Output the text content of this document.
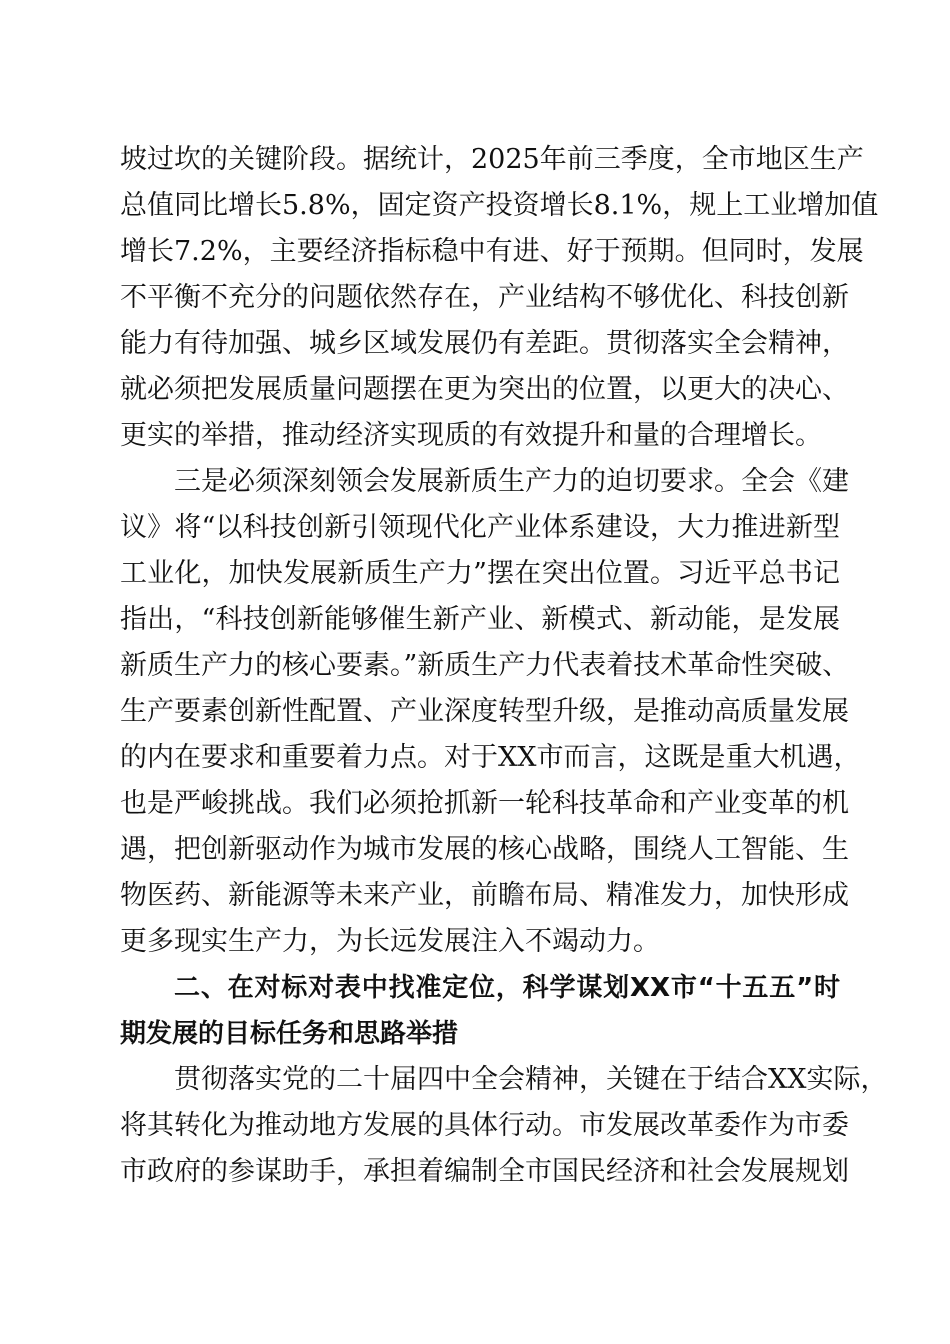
坡过坎的关键阶段。据统计，2025年前三季度，全市地区生产
总值同比增长5.8%，固定资产投资增长8.1%，规上工业增加值
增长7.2%，主要经济指标稳中有进、好于预期。但同时，发展
不平衡不充分的问题依然存在，产业结构不够优化、科技创新
能力有待加强、城乡区域发展仍有差距。贯彻落实全会精神，
就必须把发展质量问题摆在更为突出的位置，以更大的决心、
更实的举措，推动经济实现质的有效提升和量的合理增长。
三是必须深刻领会发展新质生产力的迫切要求。全会《建
议》将“以科技创新引领现代化产业体系建设，大力推进新型
工业化，加快发展新质生产力”摆在突出位置。习近平总书记
指出，“科技创新能够催生新产业、新模式、新动能，是发展
新质生产力的核心要素。”新质生产力代表着技术革命性突破、
生产要素创新性配置、产业深度转型升级，是推动高质量发展
的内在要求和重要着力点。对于XX市而言，这既是重大机遇，
也是严峻挑战。我们必须抢抓新一轮科技革命和产业变革的机
遇，把创新驱动作为城市发展的核心战略，围绕人工智能、生
物医药、新能源等未来产业，前瞻布局、精准发力，加快形成
更多现实生产力，为长远发展注入不竭动力。
二、在对标对表中找准定位，科学谋划XX市“十五五”时
期发展的目标任务和思路举措
贯彻落实党的二十届四中全会精神，关键在于结合XX实际，
将其转化为推动地方发展的具体行动。市发展改革委作为市委
市政府的参谋助手，承担着编制全市国民经济和社会发展规划
